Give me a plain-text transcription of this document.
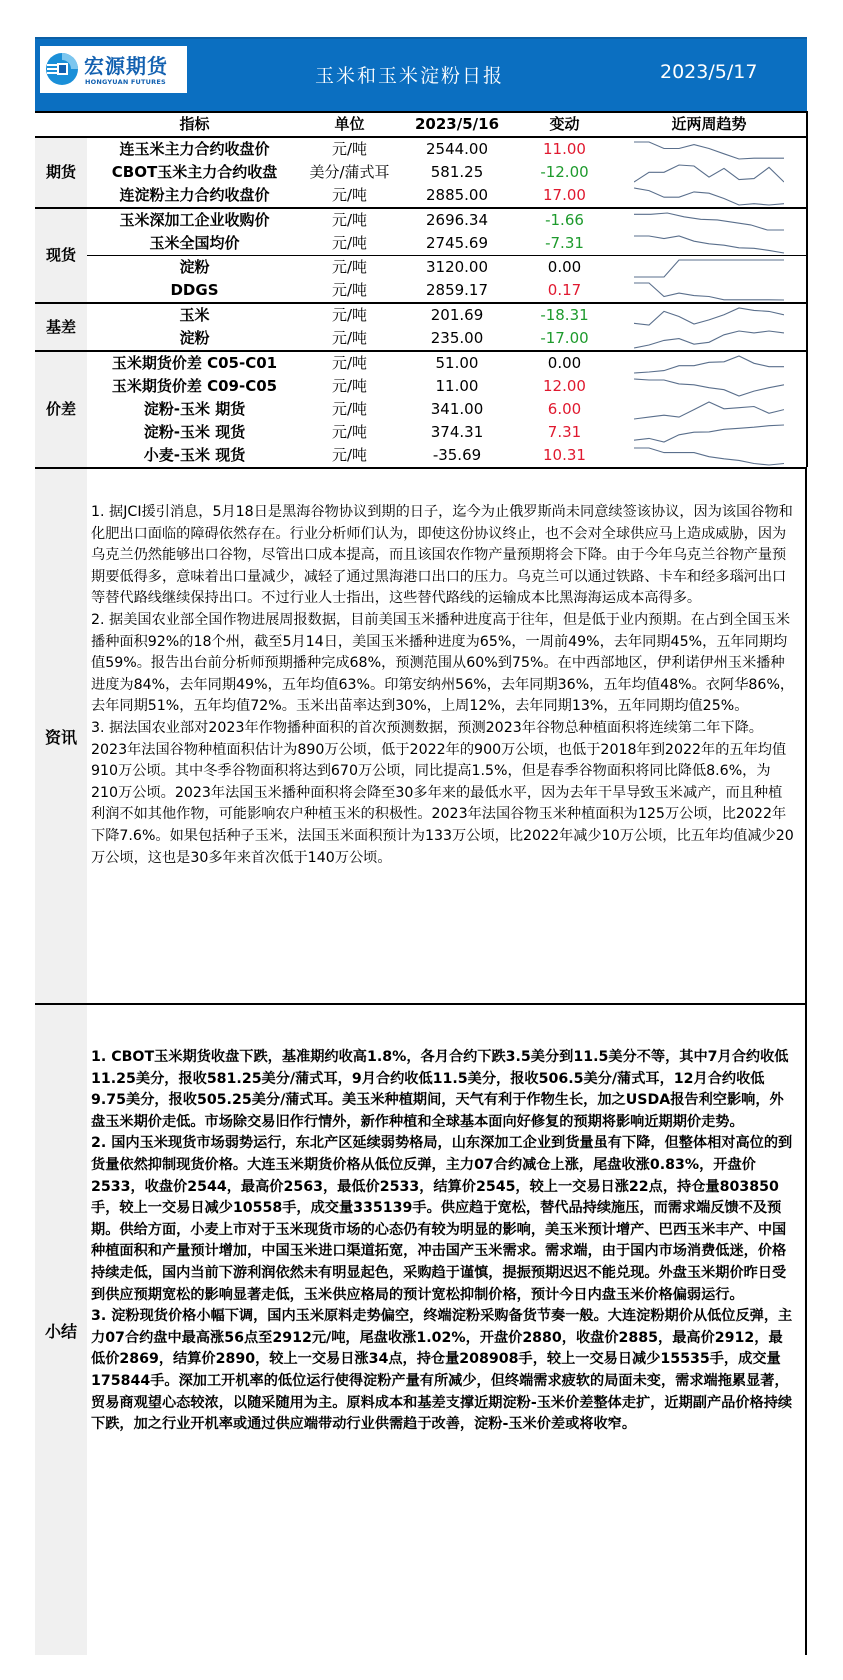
宏源期货
HONGYUAN FUTURES	玉米和玉米淀粉日报	2023/5/17
	指标	单位	2023/5/16	变动	近两周趋势
期货	连玉米主力合约收盘价	元/吨	2544.00	11.00	

	CBOT玉米主力合约收盘	美分/蒲式耳	581.25	-12.00	

	连淀粉主力合约收盘价	元/吨	2885.00	17.00	

现货	玉米深加工企业收购价	元/吨	2696.34	-1.66	

	玉米全国均价	元/吨	2745.69	-7.31	

	淀粉	元/吨	3120.00	0.00	

	DDGS	元/吨	2859.17	0.17	

基差	玉米	元/吨	201.69	-18.31	

	淀粉	元/吨	235.00	-17.00	

价差	玉米期货价差 C05-C01	元/吨	51.00	0.00	

	玉米期货价差 C09-C05	元/吨	11.00	12.00	

	淀粉-玉米 期货	元/吨	341.00	6.00	

	淀粉-玉米 现货	元/吨	374.31	7.31	

	小麦-玉米 现货	元/吨	-35.69	10.31	
资讯

1. 据JCI援引消息，5月18日是黑海谷物协议到期的日子，迄今为止俄罗斯尚未同意续签该协议，因为该国谷物和化肥出口面临的障碍依然存在。行业分析师们认为，即使这份协议终止，也不会对全球供应马上造成威胁，因为乌克兰仍然能够出口谷物，尽管出口成本提高，而且该国农作物产量预期将会下降。由于今年乌克兰谷物产量预期要低得多，意味着出口量减少，减轻了通过黑海港口出口的压力。乌克兰可以通过铁路、卡车和经多瑙河出口等替代路线继续保持出口。不过行业人士指出，这些替代路线的运输成本比黑海海运成本高得多。

2. 据美国农业部全国作物进展周报数据，目前美国玉米播种进度高于往年，但是低于业内预期。在占到全国玉米播种面积92%的18个州，截至5月14日，美国玉米播种进度为65%，一周前49%，去年同期45%，五年同期均值59%。报告出台前分析师预期播种完成68%，预测范围从60%到75%。在中西部地区，伊利诺伊州玉米播种进度为84%，去年同期49%，五年均值63%。印第安纳州56%，去年同期36%，五年均值48%。衣阿华86%，去年同期51%，五年均值72%。玉米出苗率达到30%，上周12%，去年同期13%，五年同期均值25%。

3. 据法国农业部对2023年作物播种面积的首次预测数据，预测2023年谷物总种植面积将连续第二年下降。2023年法国谷物种植面积估计为890万公顷，低于2022年的900万公顷，也低于2018年到2022年的五年均值910万公顷。其中冬季谷物面积将达到670万公顷，同比提高1.5%，但是春季谷物面积将同比降低8.6%，为210万公顷。2023年法国玉米播种面积将会降至30多年来的最低水平，因为去年干旱导致玉米减产，而且种植利润不如其他作物，可能影响农户种植玉米的积极性。2023年法国谷物玉米种植面积为125万公顷，比2022年下降7.6%。如果包括种子玉米，法国玉米面积预计为133万公顷，比2022年减少10万公顷，比五年均值减少20万公顷，这也是30多年来首次低于140万公顷。

小结

1. CBOT玉米期货收盘下跌，基准期约收高1.8%，各月合约下跌3.5美分到11.5美分不等，其中7月合约收低11.25美分，报收581.25美分/蒲式耳，9月合约收低11.5美分，报收506.5美分/蒲式耳，12月合约收低9.75美分，报收505.25美分/蒲式耳。美玉米种植期间，天气有利于作物生长，加之USDA报告利空影响，外盘玉米期价走低。市场除交易旧作行情外，新作种植和全球基本面向好修复的预期将影响近期期价走势。

2. 国内玉米现货市场弱势运行，东北产区延续弱势格局，山东深加工企业到货量虽有下降，但整体相对高位的到货量依然抑制现货价格。大连玉米期货价格从低位反弹，主力07合约减仓上涨，尾盘收涨0.83%，开盘价2533，收盘价2544，最高价2563，最低价2533，结算价2545，较上一交易日涨22点，持仓量803850手，较上一交易日减少10558手，成交量335139手。供应趋于宽松，替代品持续施压，而需求端反馈不及预期。供给方面，小麦上市对于玉米现货市场的心态仍有较为明显的影响，美玉米预计增产、巴西玉米丰产、中国种植面积和产量预计增加，中国玉米进口渠道拓宽，冲击国产玉米需求。需求端，由于国内市场消费低迷，价格持续走低，国内当前下游利润依然未有明显起色，采购趋于谨慎，提振预期迟迟不能兑现。外盘玉米期价昨日受到供应预期宽松的影响显著走低，玉米供应格局的预计宽松抑制价格，预计今日内盘玉米价格偏弱运行。

3. 淀粉现货价格小幅下调，国内玉米原料走势偏空，终端淀粉采购备货节奏一般。大连淀粉期价从低位反弹，主力07合约盘中最高涨56点至2912元/吨，尾盘收涨1.02%，开盘价2880，收盘价2885，最高价2912，最低价2869，结算价2890，较上一交易日涨34点，持仓量208908手，较上一交易日减少15535手，成交量175844手。深加工开机率的低位运行使得淀粉产量有所减少，但终端需求疲软的局面未变，需求端拖累显著，贸易商观望心态较浓，以随采随用为主。原料成本和基差支撑近期淀粉-玉米价差整体走扩，近期副产品价格持续下跌，加之行业开机率或通过供应端带动行业供需趋于改善，淀粉-玉米价差或将收窄。
